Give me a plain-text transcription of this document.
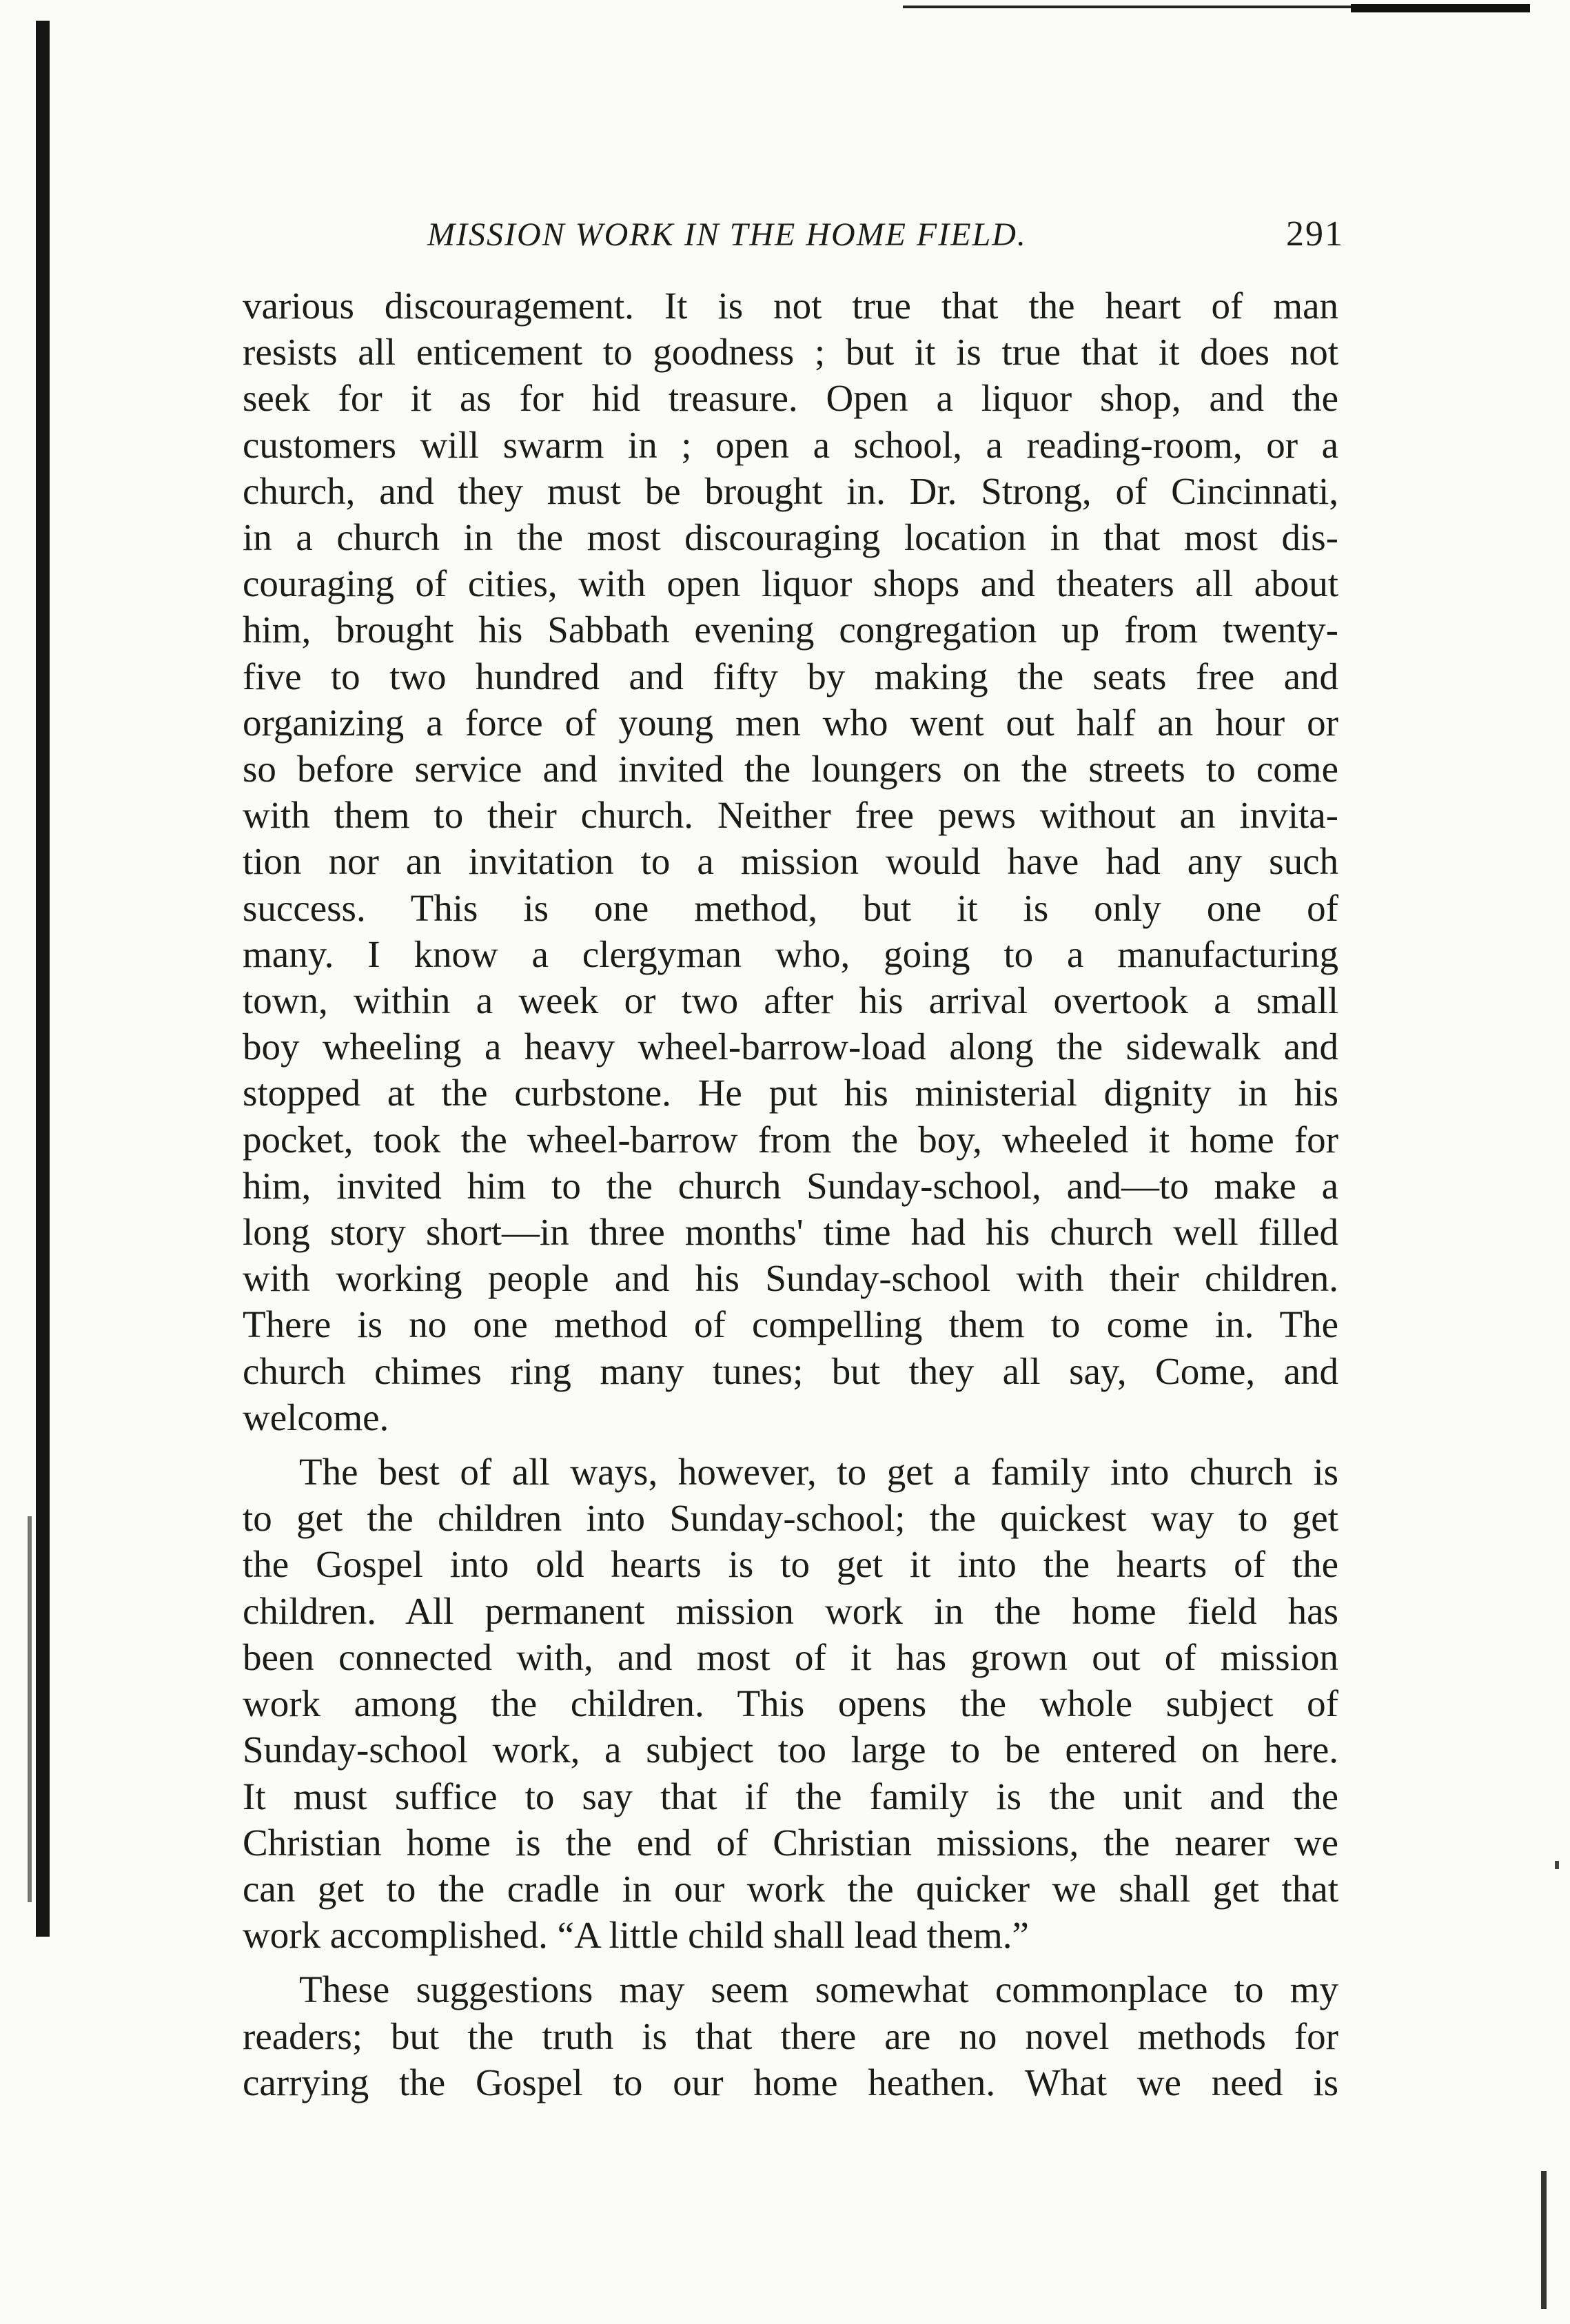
MISSION WORK IN THE HOME FIELD.	291
various discouragement. It is not true that the heart of man
resists all enticement to goodness ; but it is true that it does not
seek for it as for hid treasure. Open a liquor shop, and the
customers will swarm in ; open a school, a reading-room, or a
church, and they must be brought in. Dr. Strong, of Cincinnati,
in a church in the most discouraging location in that most dis-
couraging of cities, with open liquor shops and theaters all about
him, brought his Sabbath evening congregation up from twenty-
five to two hundred and fifty by making the seats free and
organizing a force of young men who went out half an hour or
so before service and invited the loungers on the streets to come
with them to their church. Neither free pews without an invita-
tion nor an invitation to a mission would have had any such
success. This is one method, but it is only one of
many. I know a clergyman who, going to a manufacturing
town, within a week or two after his arrival overtook a small
boy wheeling a heavy wheel-barrow-load along the sidewalk and
stopped at the curbstone. He put his ministerial dignity in his
pocket, took the wheel-barrow from the boy, wheeled it home for
him, invited him to the church Sunday-school, and—to make a
long story short—in three months' time had his church well filled
with working people and his Sunday-school with their children.
There is no one method of compelling them to come in. The
church chimes ring many tunes; but they all say, Come, and
welcome.
The best of all ways, however, to get a family into church is
to get the children into Sunday-school; the quickest way to get
the Gospel into old hearts is to get it into the hearts of the
children. All permanent mission work in the home field has
been connected with, and most of it has grown out of mission
work among the children. This opens the whole subject of
Sunday-school work, a subject too large to be entered on here.
It must suffice to say that if the family is the unit and the
Christian home is the end of Christian missions, the nearer we
can get to the cradle in our work the quicker we shall get that
work accomplished. “A little child shall lead them.”
These suggestions may seem somewhat commonplace to my
readers; but the truth is that there are no novel methods for
carrying the Gospel to our home heathen. What we need is
